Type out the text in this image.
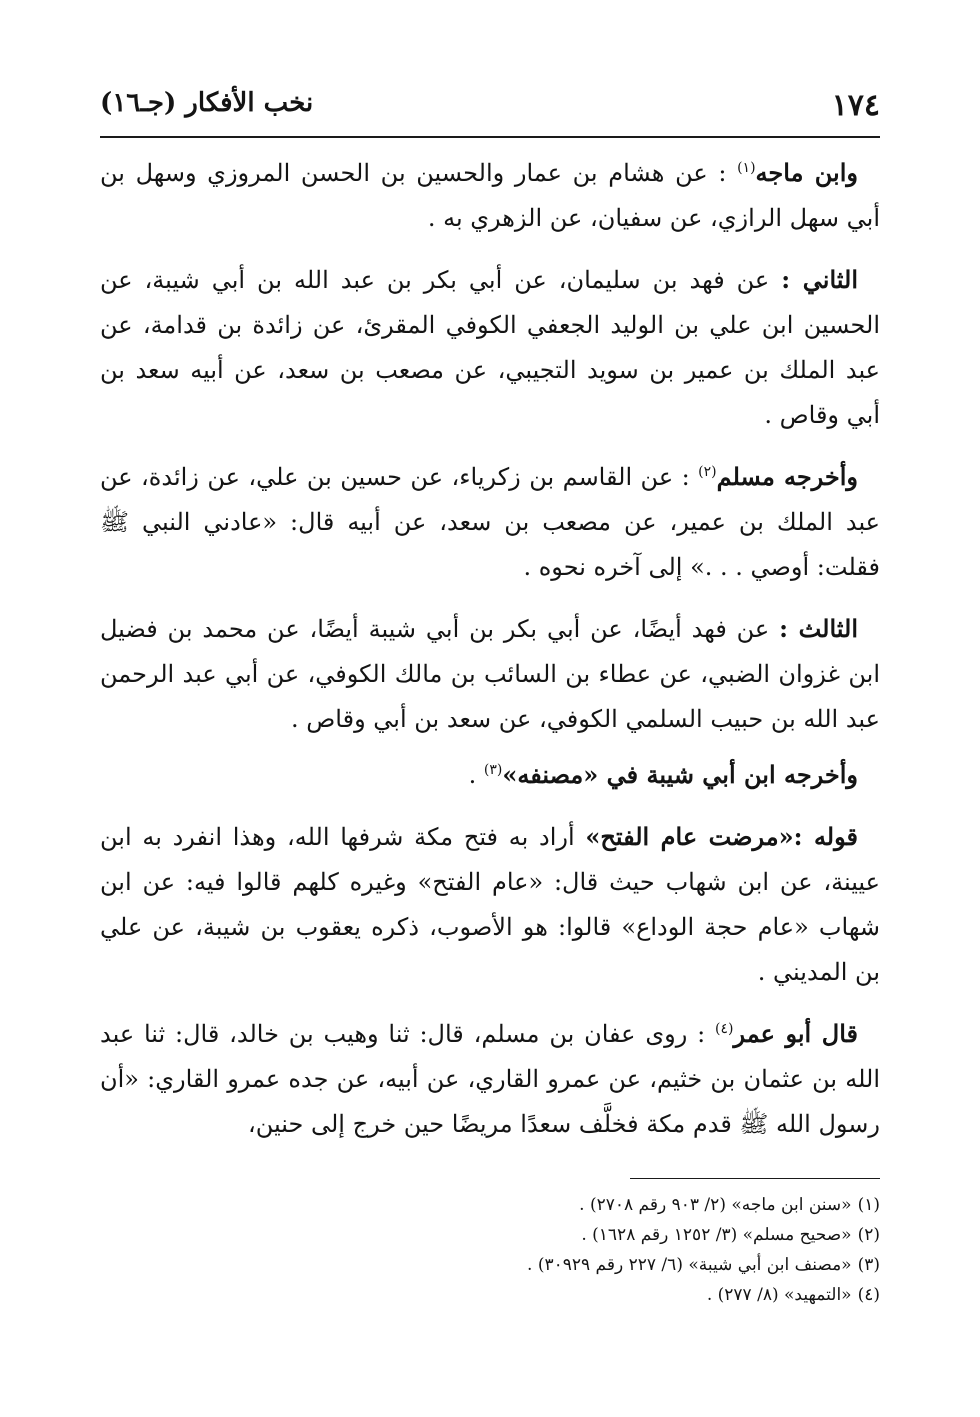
١٧٤
نخب الأفكار (جـ١٦)

وابن ماجه$^{(١)}$ : عن هشام بن عمار والحسين بن الحسن المروزي وسهل بن أبي سهل الرازي، عن سفيان، عن الزهري به .

الثاني : عن فهد بن سليمان، عن أبي بكر بن عبد الله بن أبي شيبة، عن الحسين ابن علي بن الوليد الجعفي الكوفي المقرئ، عن زائدة بن قدامة، عن عبد الملك بن عمير بن سويد التجيبي، عن مصعب بن سعد، عن أبيه سعد بن أبي وقاص .

وأخرجه مسلم$^{(٢)}$ : عن القاسم بن زكرياء، عن حسين بن علي، عن زائدة، عن عبد الملك بن عمير، عن مصعب بن سعد، عن أبيه قال: «عادني النبي ﷺ فقلت: أوصي . . .» إلى آخره نحوه .

الثالث : عن فهد أيضًا، عن أبي بكر بن أبي شيبة أيضًا، عن محمد بن فضيل ابن غزوان الضبي، عن عطاء بن السائب بن مالك الكوفي، عن أبي عبد الرحمن عبد الله بن حبيب السلمي الكوفي، عن سعد بن أبي وقاص .

وأخرجه ابن أبي شيبة في «مصنفه»$^{(٣)}$ .

قوله :«مرضت عام الفتح» أراد به فتح مكة شرفها الله، وهذا انفرد به ابن عيينة، عن ابن شهاب حيث قال: «عام الفتح» وغيره كلهم قالوا فيه: عن ابن شهاب «عام حجة الوداع» قالوا: هو الأصوب، ذكره يعقوب بن شيبة، عن علي بن المديني .

قال أبو عمر$^{(٤)}$ : روى عفان بن مسلم، قال: ثنا وهيب بن خالد، قال: ثنا عبد الله بن عثمان بن خثيم، عن عمرو القاري، عن أبيه، عن جده عمرو القاري: «أن رسول الله ﷺ قدم مكة فخلَّف سعدًا مريضًا حين خرج إلى حنين،

(١)«سنن ابن ماجه» (٢/ ٩٠٣ رقم ٢٧٠٨) .

(٢)«صحيح مسلم» (٣/ ١٢٥٢ رقم ١٦٢٨) .

(٣)«مصنف ابن أبي شيبة» (٦/ ٢٢٧ رقم ٣٠٩٢٩) .

(٤)«التمهيد» (٨/ ٢٧٧) .
